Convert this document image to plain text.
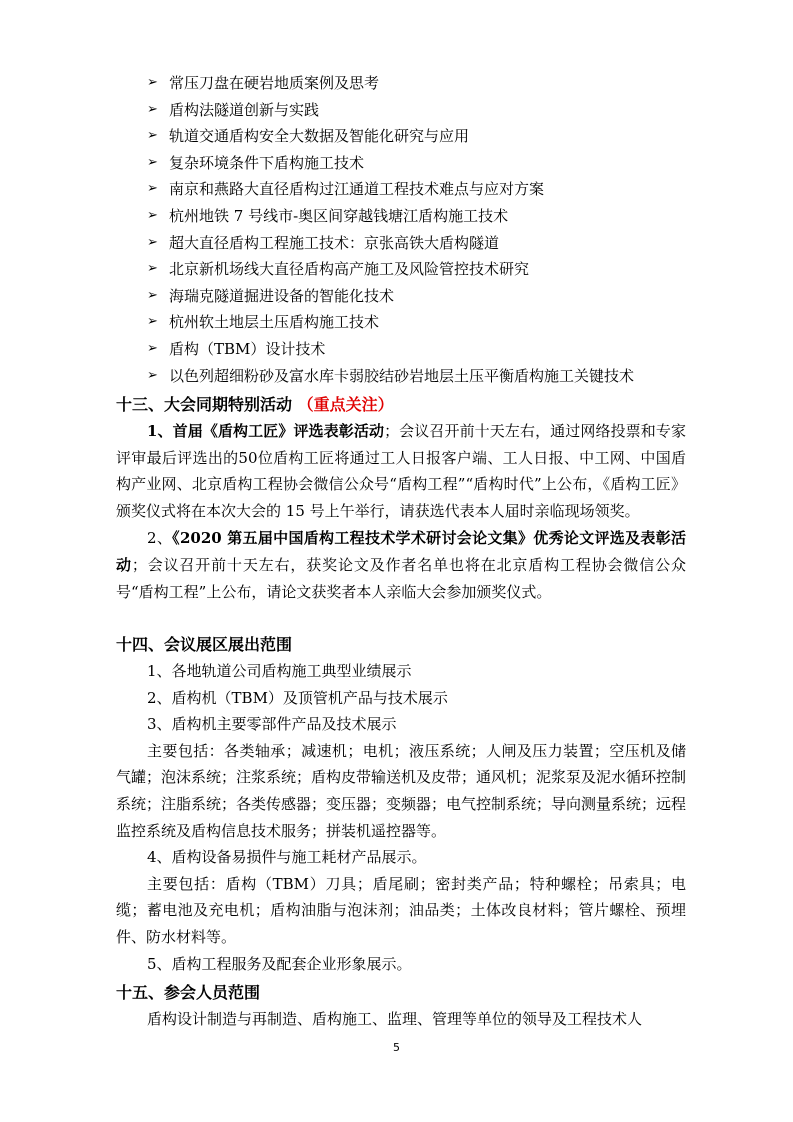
➢ 常压刀盘在硬岩地质案例及思考
➢ 盾构法隧道创新与实践
➢ 轨道交通盾构安全大数据及智能化研究与应用
➢ 复杂环境条件下盾构施工技术
➢ 南京和燕路大直径盾构过江通道工程技术难点与应对方案
➢ 杭州地铁 7 号线市-奥区间穿越钱塘江盾构施工技术
➢ 超大直径盾构工程施工技术：京张高铁大盾构隧道
➢ 北京新机场线大直径盾构高产施工及风险管控技术研究
➢ 海瑞克隧道掘进设备的智能化技术
➢ 杭州软土地层土压盾构施工技术
➢ 盾构（TBM）设计技术
➢ 以色列超细粉砂及富水库卡弱胶结砂岩地层土压平衡盾构施工关键技术
十三、大会同期特别活动 （重点关注）

1、首届《盾构工匠》评选表彰活动；会议召开前十天左右，通过网络投票和专家评审最后评选出的50位盾构工匠将通过工人日报客户端、工人日报、中工网、中国盾构产业网、北京盾构工程协会微信公众号“盾构工程”“盾构时代”上公布，《盾构工匠》颁奖仪式将在本次大会的 15 号上午举行，请获选代表本人届时亲临现场领奖。

2、《2020 第五届中国盾构工程技术学术研讨会论文集》优秀论文评选及表彰活动；会议召开前十天左右，获奖论文及作者名单也将在北京盾构工程协会微信公众号“盾构工程”上公布，请论文获奖者本人亲临大会参加颁奖仪式。

十四、会议展区展出范围
1、各地轨道公司盾构施工典型业绩展示
2、盾构机（TBM）及顶管机产品与技术展示
3、盾构机主要零部件产品及技术展示

主要包括：各类轴承；减速机；电机；液压系统；人闸及压力装置；空压机及储气罐；泡沫系统；注浆系统；盾构皮带输送机及皮带；通风机；泥浆泵及泥水循环控制系统；注脂系统；各类传感器；变压器；变频器；电气控制系统；导向测量系统；远程监控系统及盾构信息技术服务；拼装机遥控器等。

4、盾构设备易损件与施工耗材产品展示。

主要包括：盾构（TBM）刀具；盾尾刷；密封类产品；特种螺栓；吊索具；电缆；蓄电池及充电机；盾构油脂与泡沫剂；油品类；土体改良材料；管片螺栓、预埋件、防水材料等。

5、盾构工程服务及配套企业形象展示。
十五、参会人员范围
盾构设计制造与再制造、盾构施工、监理、管理等单位的领导及工程技术人
5
